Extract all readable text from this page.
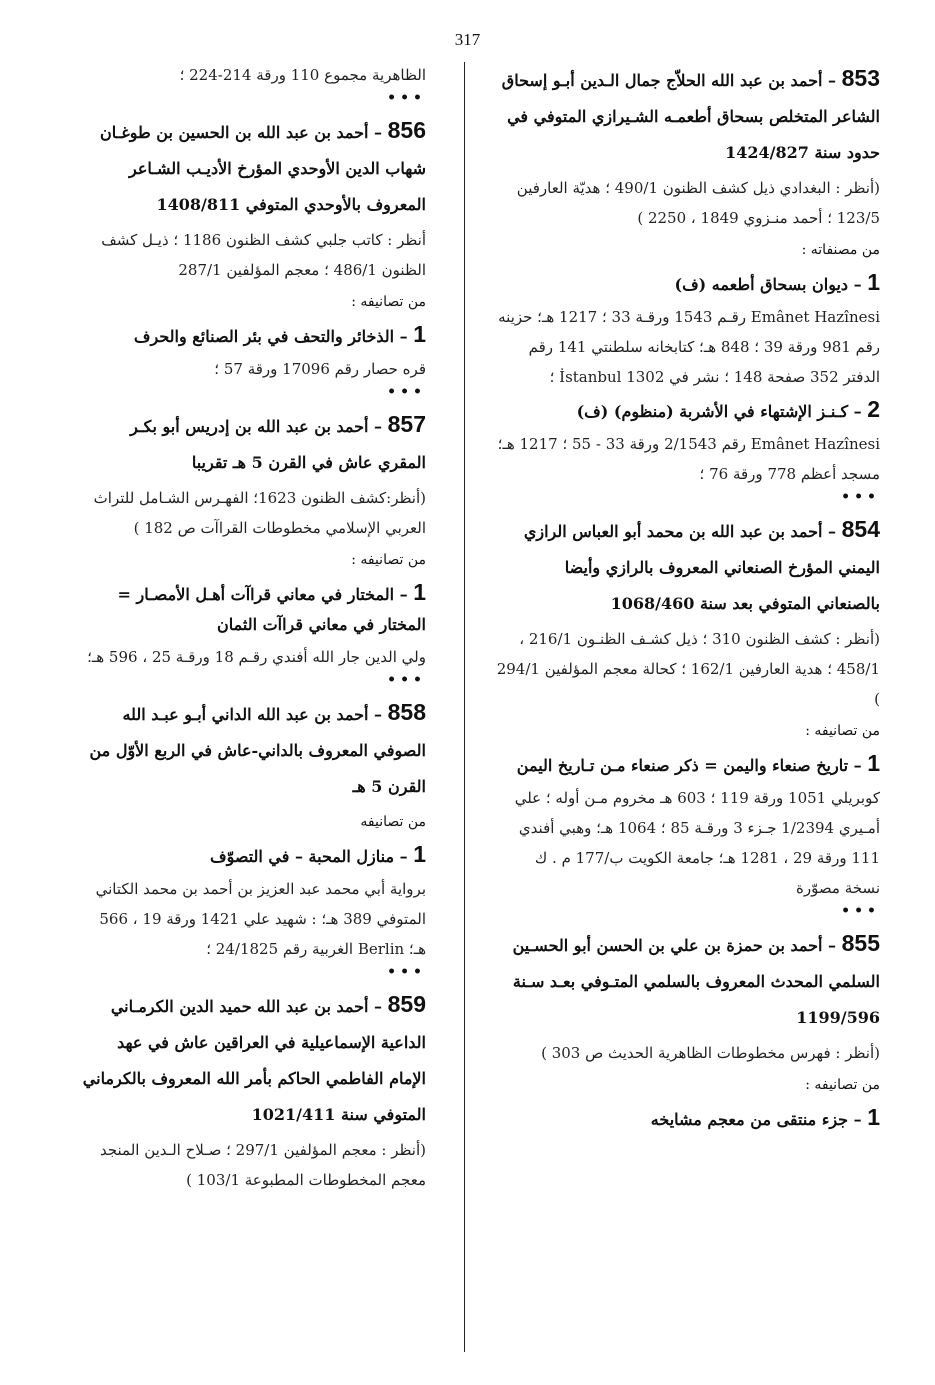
317
853 – أحمد بن عبد الله الحلاّج جمال الـدين أبـو إسحاق الشاعر المتخلص بسحاق أطعمـه الشـيرازي المتوفي في حدود سنة 1424/827
(أنظر : البغدادي ذيل كشف الظنون 490/1 ؛ هديّة العارفين 123/5 ؛ أحمد منـزوي 1849 ، 2250 )
من مصنفاته :
1 – ديوان بسحاق أطعمه (ف)
Emânet Hazînesi رقـم 1543 ورقـة 33 ؛ 1217 هـ؛ حزينه رقم 981 ورقة 39 ؛ 848 هـ؛ كتابخانه سلطنتي 141 رقم الدفتر 352 صفحة 148 ؛ نشر في İstanbul 1302 ؛
2 – كـنـز الإشتهاء في الأشربة (منظوم) (ف)
Emânet Hazînesi رقم 2/1543 ورقة 33 - 55 ؛ 1217 هـ؛ مسجد أعظم 778 ورقة 76 ؛
•••
854 – أحمد بن عبد الله بن محمد أبو العباس الرازي اليمني المؤرخ الصنعاني المعروف بالرازي وأيضا بالصنعاني المتوفي بعد سنة 1068/460
(أنظر : كشف الظنون 310 ؛ ذيل كشـف الظنـون 216/1 ، 458/1 ؛ هدية العارفين 162/1 ؛ كحالة معجم المؤلفين 294/1 )
من تصانيفه :
1 – تاريخ صنعاء واليمن = ذكر صنعاء مـن تـاريخ اليمن
كوبريلي 1051 ورقة 119 ؛ 603 هـ مخروم مـن أوله ؛ علي أمـيري 1/2394 جـزء 3 ورقـة 85 ؛ 1064 هـ؛ وهبي أفندي 111 ورقة 29 ، 1281 هـ؛ جامعة الكويت ب/177 م . ك نسخة مصوّرة
•••
855 – أحمد بن حمزة بن علي بن الحسن أبو الحسـين السلمي المحدث المعروف بالسلمي المتـوفي بعـد سـنة 1199/596
(أنظر : فهرس مخطوطات الظاهرية الحديث ص 303 )
من تصانيفه :
1 – جزء منتقى من معجم مشايخه
الظاهرية مجموع 110 ورقة 214-224 ؛
•••
856 – أحمد بن عبد الله بن الحسين بن طوغـان شهاب الدين الأوحدي المؤرخ الأديـب الشـاعر المعروف بالأوحدي المتوفي 1408/811
أنظر : كاتب جلبي كشف الظنون 1186 ؛ ذيـل كشف الظنون 486/1 ؛ معجم المؤلفين 287/1
من تصانيفه :
1 – الذخائر والتحف في بئر الصنائع والحرف
قره حصار رقم 17096 ورقة 57 ؛
•••
857 – أحمد بن عبد الله بن إدريس أبو بكـر المقري عاش في القرن 5 هـ تقريبا
(أنظر:كشف الظنون 1623؛ الفهـرس الشـامل للتراث العربي الإسلامي مخطوطات القراآت ص 182 )
من تصانيفه :
1 – المختار في معاني قراآت أهـل الأمصـار = المختار في معاني قراآت الثمان
ولي الدين جار الله أفندي رقـم 18 ورقـة 25 ، 596 هـ؛
•••
858 – أحمد بن عبد الله الداني أبـو عبـد الله الصوفي المعروف بالداني-عاش في الربع الأوّل من القرن 5 هـ
من تصانيفه
1 – منازل المحبة – في التصوّف
برواية أبي محمد عبد العزيز بن أحمد بن محمد الكتاني المتوفي 389 هـ؛ : شهيد علي 1421 ورقة 19 ، 566 هـ؛ Berlin الغربية رقم 24/1825 ؛
•••
859 – أحمد بن عبد الله حميد الدين الكرمـاني الداعية الإسماعيلية في العراقين عاش في عهد الإمام الفاطمي الحاكم بأمر الله المعروف بالكرماني المتوفي سنة 1021/411
(أنظر : معجم المؤلفين 297/1 ؛ صـلاح الـدين المنجد معجم المخطوطات المطبوعة 103/1 )
